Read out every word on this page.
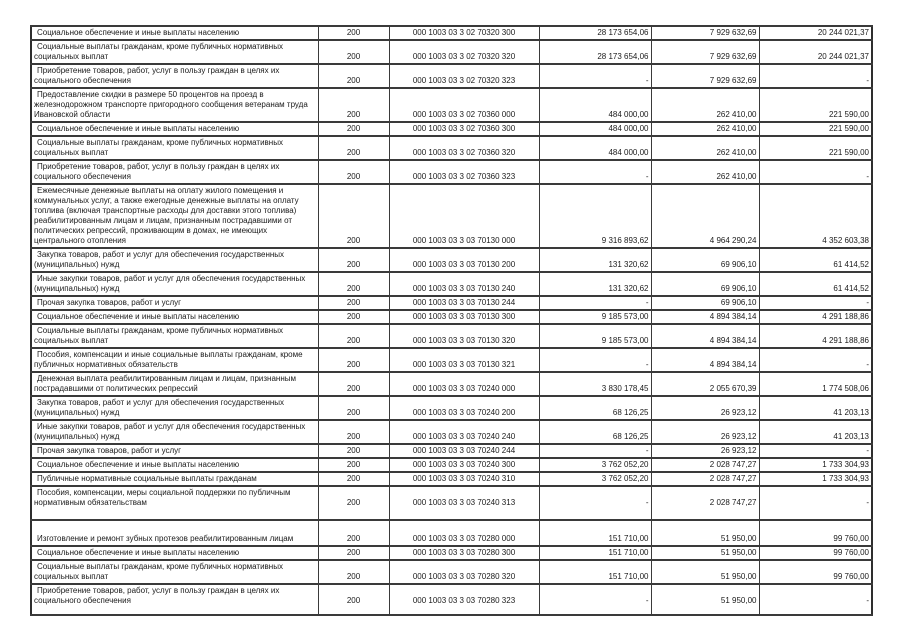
Социальное обеспечение и иные выплаты населению	200	000 1003 03 3 02 70320 300	28 173 654,06	7 929 632,69	20 244 021,37
Социальные выплаты гражданам, кроме публичных нормативных социальных выплат	200	000 1003 03 3 02 70320 320	28 173 654,06	7 929 632,69	20 244 021,37
Приобретение товаров, работ, услуг в пользу граждан в целях их социального обеспечения	200	000 1003 03 3 02 70320 323	-	7 929 632,69	-
Предоставление скидки в размере 50 процентов на проезд в железнодорожном транспорте пригородного сообщения ветеранам труда Ивановской области	200	000 1003 03 3 02 70360 000	484 000,00	262 410,00	221 590,00
Социальное обеспечение и иные выплаты населению	200	000 1003 03 3 02 70360 300	484 000,00	262 410,00	221 590,00
Социальные выплаты гражданам, кроме публичных нормативных социальных выплат	200	000 1003 03 3 02 70360 320	484 000,00	262 410,00	221 590,00
Приобретение товаров, работ, услуг в пользу граждан в целях их социального обеспечения	200	000 1003 03 3 02 70360 323	-	262 410,00	-
Ежемесячные денежные выплаты на оплату жилого помещения и коммунальных услуг, а также ежегодные денежные выплаты на оплату топлива (включая транспортные расходы для доставки этого топлива) реабилитированным лицам и лицам, признанным пострадавшими от политических репрессий, проживающим в домах, не имеющих центрального отопления	200	000 1003 03 3 03 70130 000	9 316 893,62	4 964 290,24	4 352 603,38
Закупка товаров, работ и услуг для обеспечения государственных (муниципальных) нужд	200	000 1003 03 3 03 70130 200	131 320,62	69 906,10	61 414,52
Иные закупки товаров, работ и услуг для обеспечения государственных (муниципальных) нужд	200	000 1003 03 3 03 70130 240	131 320,62	69 906,10	61 414,52
Прочая закупка товаров, работ и услуг	200	000 1003 03 3 03 70130 244	-	69 906,10	-
Социальное обеспечение и иные выплаты населению	200	000 1003 03 3 03 70130 300	9 185 573,00	4 894 384,14	4 291 188,86
Социальные выплаты гражданам, кроме публичных нормативных социальных выплат	200	000 1003 03 3 03 70130 320	9 185 573,00	4 894 384,14	4 291 188,86
Пособия, компенсации и иные социальные выплаты гражданам, кроме публичных нормативных обязательств	200	000 1003 03 3 03 70130 321	-	4 894 384,14	-
Денежная выплата реабилитированным лицам и лицам, признанным пострадавшими от политических репрессий	200	000 1003 03 3 03 70240 000	3 830 178,45	2 055 670,39	1 774 508,06
Закупка товаров, работ и услуг для обеспечения государственных (муниципальных) нужд	200	000 1003 03 3 03 70240 200	68 126,25	26 923,12	41 203,13
Иные закупки товаров, работ и услуг для обеспечения государственных (муниципальных) нужд	200	000 1003 03 3 03 70240 240	68 126,25	26 923,12	41 203,13
Прочая закупка товаров, работ и услуг	200	000 1003 03 3 03 70240 244	-	26 923,12	-
Социальное обеспечение и иные выплаты населению	200	000 1003 03 3 03 70240 300	3 762 052,20	2 028 747,27	1 733 304,93
Публичные нормативные социальные выплаты гражданам	200	000 1003 03 3 03 70240 310	3 762 052,20	2 028 747,27	1 733 304,93
Пособия, компенсации, меры социальной поддержки по публичным нормативным обязательствам	200	000 1003 03 3 03 70240 313	-	2 028 747,27	-
Изготовление и ремонт зубных протезов реабилитированным лицам	200	000 1003 03 3 03 70280 000	151 710,00	51 950,00	99 760,00
Социальное обеспечение и иные выплаты населению	200	000 1003 03 3 03 70280 300	151 710,00	51 950,00	99 760,00
Социальные выплаты гражданам, кроме публичных нормативных социальных выплат	200	000 1003 03 3 03 70280 320	151 710,00	51 950,00	99 760,00
Приобретение товаров, работ, услуг в пользу граждан в целях их социального обеспечения	200	000 1003 03 3 03 70280 323	-	51 950,00	-
